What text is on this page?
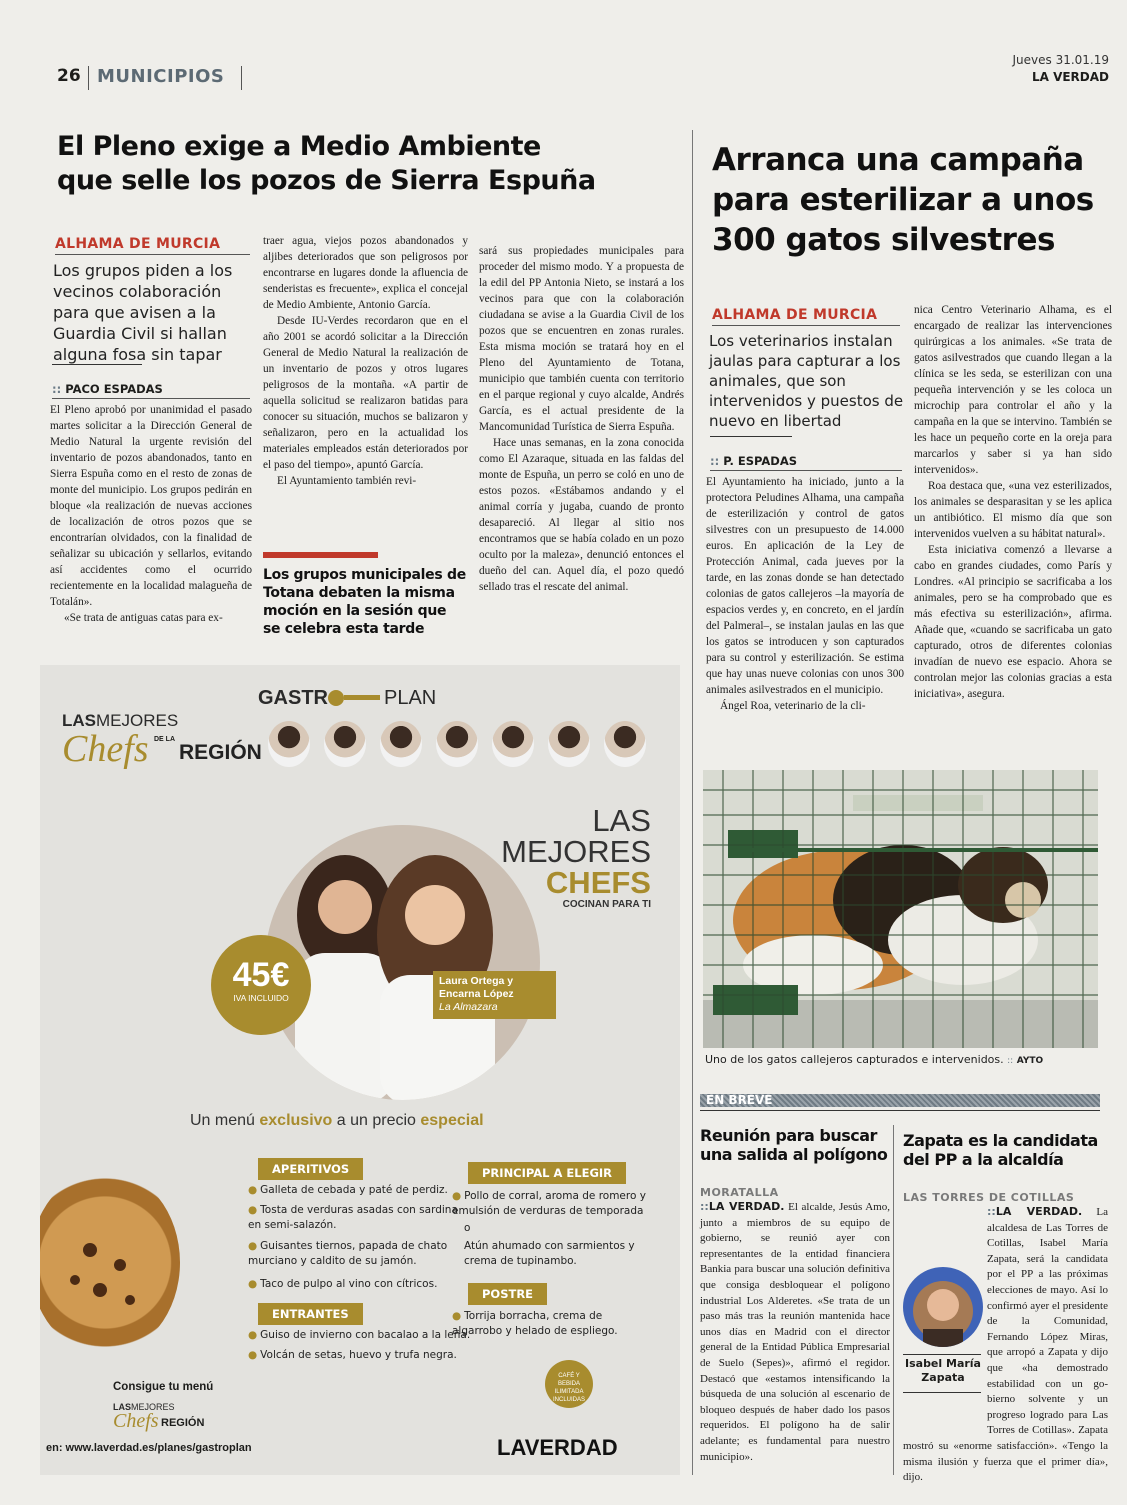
26 MUNICIPIOS
Jueves 31.01.19
LA VERDAD
El Pleno exige a Medio Ambiente
que selle los pozos de Sierra Espuña
ALHAMA DE MURCIA
Los grupos piden a los vecinos colaboración para que avisen a la Guardia Civil si hallan alguna fosa sin tapar
:: PACO ESPADAS

El Pleno aprobó por unanimidad el pasado martes solicitar a la Dirección General de Medio Natural la urgente revisión del inventario de pozos abandonados, tanto en Sierra Espuña como en el resto de zonas de monte del municipio. Los grupos pedirán en bloque «la realización de nuevas acciones de localización de otros pozos que se encontrarían olvidados, con la finalidad de señalizar su ubicación y sellarlos, evitando así accidentes como el ocurrido recientemente en la localidad malagueña de Totalán».

«Se trata de antiguas catas para ex-

traer agua, viejos pozos abandonados y aljibes deteriorados que son peligrosos por encontrarse en lugares donde la afluencia de senderistas es frecuente», explica el concejal de Medio Ambiente, Antonio García.

Desde IU-Verdes recordaron que en el año 2001 se acordó solicitar a la Dirección General de Medio Natural la realización de un inventario de pozos y otros lugares peligrosos de la montaña. «A partir de aquella solicitud se realizaron batidas para conocer su situación, muchos se balizaron y señalizaron, pero en la actualidad los materiales empleados están deteriorados por el paso del tiempo», apuntó García.

El Ayuntamiento también revi-

Los grupos municipales de Totana debaten la misma moción en la sesión que se celebra esta tarde

sará sus propiedades municipales para proceder del mismo modo. Y a propuesta de la edil del PP Antonia Nieto, se instará a los vecinos para que con la colaboración ciudadana se avise a la Guardia Civil de los pozos que se encuentren en zonas rurales. Esta misma moción se tratará hoy en el Pleno del Ayuntamiento de Totana, municipio que también cuenta con territorio en el parque regional y cuyo alcalde, Andrés García, es el actual presidente de la Mancomunidad Turística de Sierra Espuña.

Hace unas semanas, en la zona conocida como El Azaraque, situada en las faldas del monte de Espuña, un perro se coló en uno de estos pozos. «Estábamos andando y el animal corría y jugaba, cuando de pronto desapareció. Al llegar al sitio nos encontramos que se había colado en un pozo oculto por la maleza», denunció entonces el dueño del can. Aquel día, el pozo quedó sellado tras el rescate del animal.

Arranca una campaña
para esterilizar a unos
300 gatos silvestres
ALHAMA DE MURCIA
Los veterinarios instalan jaulas para capturar a los animales, que son intervenidos y puestos de nuevo en libertad
:: P. ESPADAS

El Ayuntamiento ha iniciado, junto a la protectora Peludines Alhama, una campaña de esterilización y control de gatos silvestres con un presupuesto de 14.000 euros. En aplicación de la Ley de Protección Animal, cada jueves por la tarde, en las zonas donde se han detectado colonias de gatos callejeros –la mayoría de espacios verdes y, en concreto, en el jardín del Palmeral–, se instalan jaulas en las que los gatos se introducen y son capturados para su control y esterilización. Se estima que hay unas nueve colonias con unos 300 animales asilvestrados en el municipio.

Ángel Roa, veterinario de la cli-

nica Centro Veterinario Alhama, es el encargado de realizar las intervenciones quirúrgicas a los animales. «Se trata de gatos asilvestrados que cuando llegan a la clínica se les seda, se esterilizan con una pequeña intervención y se les coloca un microchip para controlar el año y la campaña en la que se intervino. También se les hace un pequeño corte en la oreja para marcarlos y saber si ya han sido intervenidos».

Roa destaca que, «una vez esterilizados, los animales se desparasitan y se les aplica un antibiótico. El mismo día que son intervenidos vuelven a su hábitat natural».

Esta iniciativa comenzó a llevarse a cabo en grandes ciudades, como París y Londres. «Al principio se sacrificaba a los animales, pero se ha comprobado que es más efectiva su esterilización», afirma. Añade que, «cuando se sacrificaba un gato capturado, otros de diferentes colonias invadían de nuevo ese espacio. Ahora se controlan mejor las colonias gracias a esta iniciativa», asegura.

Uno de los gatos callejeros capturados e intervenidos. :: AYTO
EN BREVE
Reunión para buscar una salida al polígono
MORATALLA
::LA VERDAD. El alcalde, Jesús Amo, junto a miembros de su equipo de gobierno, se reunió ayer con representantes de la entidad financiera Bankia para buscar una solución definitiva que consiga desbloquear el polígono industrial Los Alderetes. «Se trata de un paso más tras la reunión mantenida hace unos días en Madrid con el director general de la Entidad Pública Empresarial de Suelo (Sepes)», afirmó el regidor. Destacó que «estamos intensificando la búsqueda de una solución al escenario de bloqueo después de haber dado los pasos requeridos. El polígono ha de salir adelante; es fundamental para nuestro municipio».
Zapata es la candidata del PP a la alcaldía
LAS TORRES DE COTILLAS
Isabel María Zapata
::LA VERDAD. La alcaldesa de Las Torres de Cotillas, Isabel María Zapata, será la candidata por el PP a las próximas elecciones de mayo. Así lo confirmó ayer el presidente de la Comunidad, Fernando López Miras, que arropó a Zapata y dijo que «ha demostrado estabilidad con un go-bierno solvente y un progreso logrado para Las Torres de Cotillas». Zapata mostró su «enorme satisfacción». «Tengo la misma ilusión y fuerza que el primer día», dijo.
GASTR	PLAN
LASMEJORES
Chefs DE LA
REGIÓN
45€
IVA INCLUIDO
Laura Ortega y
Encarna López
La Almazara
LAS
MEJORES
CHEFS
COCINAN PARA TI
Un menú exclusivo a un precio especial
APERITIVOS
● Galleta de cebada y paté de perdiz.
● Tosta de verduras asadas con sardina en semi-salazón.
● Guisantes tiernos, papada de chato murciano y caldito de su jamón.
● Taco de pulpo al vino con cítricos.
ENTRANTES
● Guiso de invierno con bacalao a la leña.
● Volcán de setas, huevo y trufa negra.
PRINCIPAL A ELEGIR
● Pollo de corral, aroma de romero y emulsión de verduras de temporada
o
Atún ahumado con sarmientos y crema de tupinambo.
POSTRE
● Torrija borracha, crema de algarrobo y helado de espliego.
CAFÉ Y BEBIDA ILIMITADA INCLUIDAS
Consigue tu menú
LASMEJORES
Chefs REGIÓN
en: www.laverdad.es/planes/gastroplan	LAVERDAD
